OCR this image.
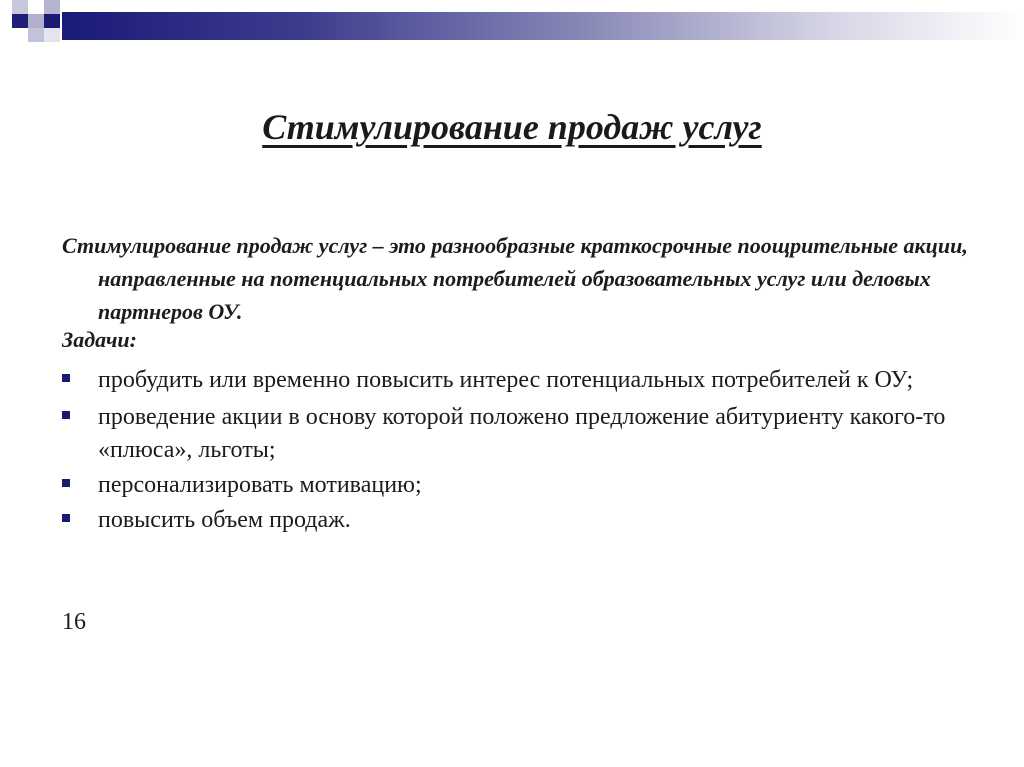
Стимулирование продаж услуг

Стимулирование продаж услуг – это разнообразные краткосрочные поощрительные акции, направленные на потенциальных потребителей образовательных услуг или деловых партнеров ОУ.

Задачи:
пробудить или временно повысить интерес потенциальных потребителей к ОУ;
проведение акции в основу которой положено предложение абитуриенту какого-то «плюса», льготы;
персонализировать мотивацию;
повысить объем продаж.
16
